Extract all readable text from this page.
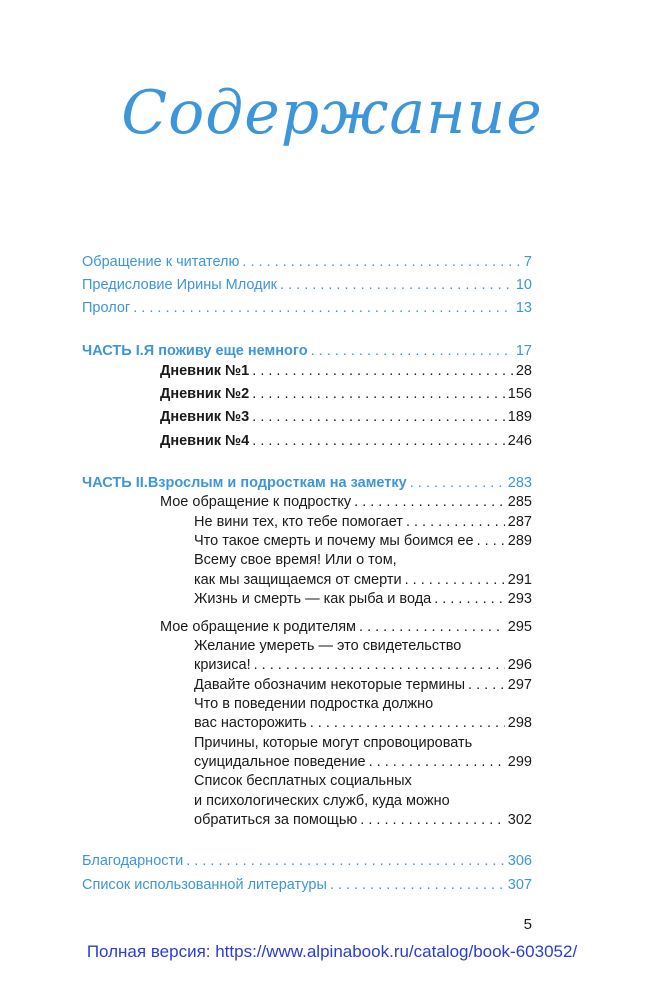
Содержание
Обращение к читателю . . .	7
Предисловие Ирины Млодик . . .	10
Пролог . . .	13
ЧАСТЬ I. Я поживу еще немного . . .	17
Дневник №1 . . .	28
Дневник №2 . . .	156
Дневник №3 . . .	189
Дневник №4 . . .	246
ЧАСТЬ II. Взрослым и подросткам на заметку . . .	283
Мое обращение к подростку . . .	285
Не вини тех, кто тебе помогает . . .	287
Что такое смерть и почему мы боимся ее . . . 289
Всему свое время! Или о том,
как мы защищаемся от смерти . . .	291
Жизнь и смерть — как рыба и вода . . .	293
Мое обращение к родителям . . .	295
Желание умереть — это свидетельство
кризиса! . . .	296
Давайте обозначим некоторые термины . . .	297
Что в поведении подростка должно
вас насторожить . . .	298
Причины, которые могут спровоцировать
суицидальное поведение . . .	299
Список бесплатных социальных
и психологических служб, куда можно
обратиться за помощью . . .	302
Благодарности . . .	306
Список использованной литературы . . .	307
5
Полная версия: https://www.alpinabook.ru/catalog/book-603052/
